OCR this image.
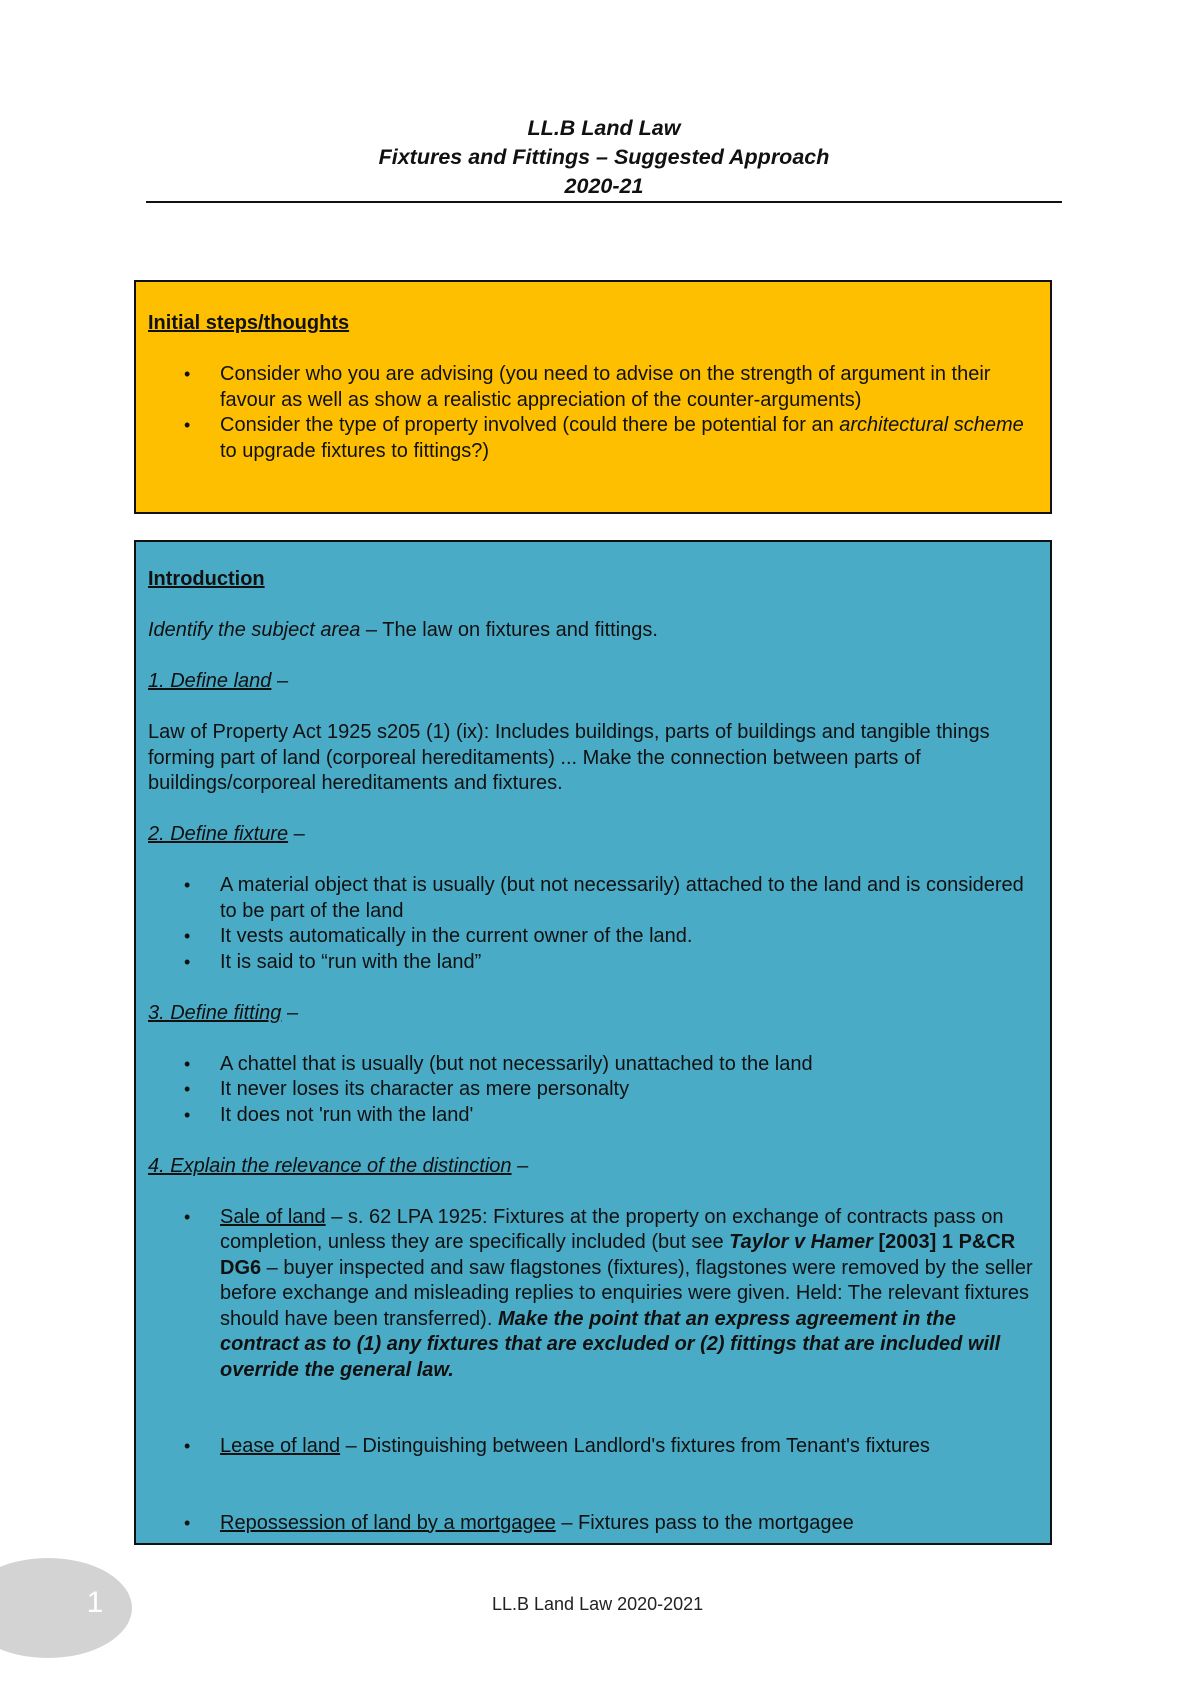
LL.B Land Law
Fixtures and Fittings – Suggested Approach
2020-21

Initial steps/thoughts

• Consider who you are advising (you need to advise on the strength of argument in their favour as well as show a realistic appreciation of the counter-arguments)
• Consider the type of property involved (could there be potential for an architectural scheme to upgrade fixtures to fittings?)

Introduction

Identify the subject area – The law on fixtures and fittings.

1. Define land –

Law of Property Act 1925 s205 (1) (ix): Includes buildings, parts of buildings and tangible things forming part of land (corporeal hereditaments) ... Make the connection between parts of buildings/corporeal hereditaments and fixtures.

2. Define fixture –

• A material object that is usually (but not necessarily) attached to the land and is considered to be part of the land
• It vests automatically in the current owner of the land.
• It is said to “run with the land”

3. Define fitting –

• A chattel that is usually (but not necessarily) unattached to the land
• It never loses its character as mere personalty
• It does not 'run with the land'

4. Explain the relevance of the distinction –

• Sale of land – s. 62 LPA 1925: Fixtures at the property on exchange of contracts pass on completion, unless they are specifically included (but see Taylor v Hamer [2003] 1 P&CR DG6 – buyer inspected and saw flagstones (fixtures), flagstones were removed by the seller before exchange and misleading replies to enquiries were given. Held: The relevant fixtures should have been transferred). Make the point that an express agreement in the contract as to (1) any fixtures that are excluded or (2) fittings that are included will override the general law.
• Lease of land – Distinguishing between Landlord's fixtures from Tenant's fixtures
• Repossession of land by a mortgagee – Fixtures pass to the mortgagee
1	LL.B Land Law 2020-2021
